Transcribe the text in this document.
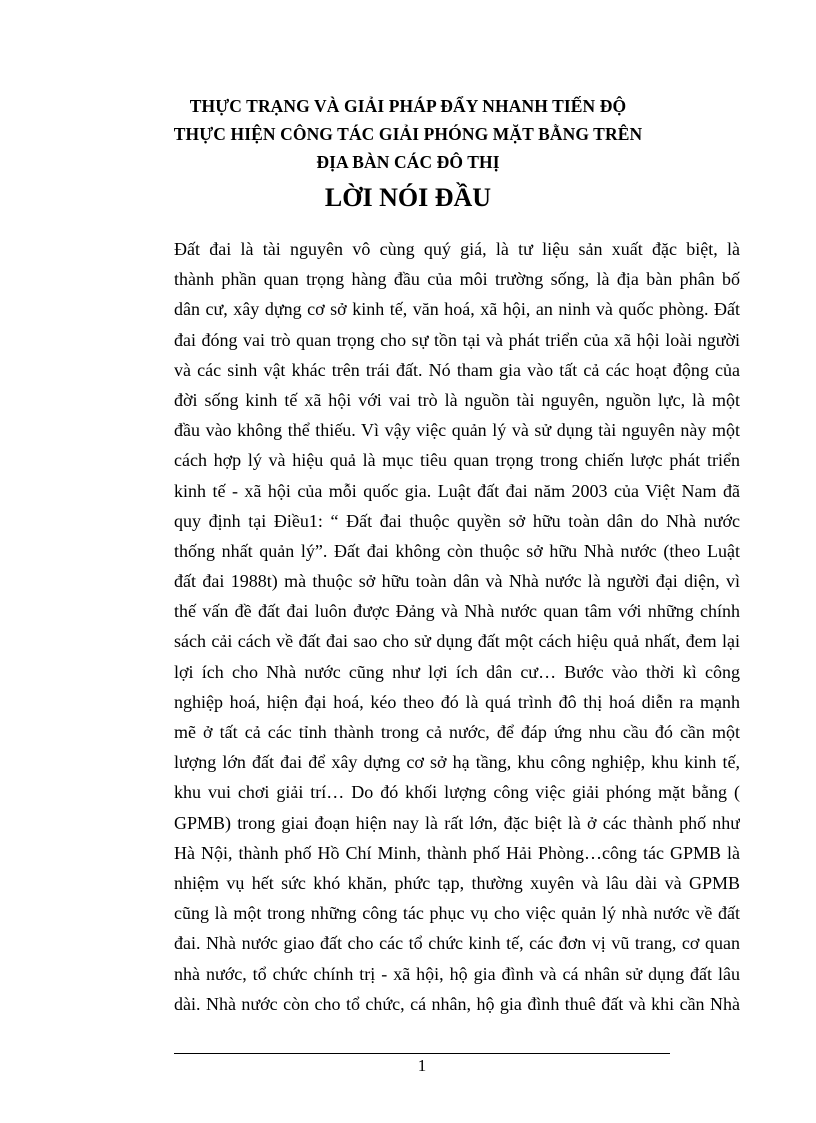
THỰC TRẠNG VÀ GIẢI PHÁP ĐẨY NHANH TIẾN ĐỘ

THỰC HIỆN CÔNG TÁC GIẢI PHÓNG MẶT BẰNG TRÊN

ĐỊA BÀN CÁC ĐÔ THỊ

LỜI NÓI ĐẦU

Đất đai là tài nguyên vô cùng quý giá, là tư liệu sản xuất đặc biệt, là
thành phần quan trọng hàng đầu của môi trường sống, là địa bàn phân bố
dân cư, xây dựng cơ sở kinh tế, văn hoá, xã hội, an ninh và quốc phòng. Đất
đai đóng vai trò quan trọng cho sự tồn tại và phát triển của xã hội loài người
và các sinh vật khác trên trái đất. Nó tham gia vào tất cả các hoạt động của
đời sống kinh tế xã hội với vai trò là nguồn tài nguyên, nguồn lực, là một
đầu vào không thể thiếu. Vì vậy việc quản lý và sử dụng tài nguyên này một
cách hợp lý và hiệu quả là mục tiêu quan trọng trong chiến lược phát triển
kinh tế - xã hội của mỗi quốc gia. Luật đất đai năm 2003 của Việt Nam đã
quy định tại Điều1: “ Đất đai thuộc quyền sở hữu toàn dân do Nhà nước
thống nhất quản lý”. Đất đai không còn thuộc sở hữu Nhà nước (theo Luật
đất đai 1988t) mà thuộc sở hữu toàn dân và Nhà nước là người đại diện, vì
thế vấn đề đất đai luôn được Đảng và Nhà nước quan tâm với những chính
sách cải cách về đất đai sao cho sử dụng đất một cách hiệu quả nhất, đem lại
lợi ích cho Nhà nước cũng như lợi ích dân cư… Bước vào thời kì công
nghiệp hoá, hiện đại hoá, kéo theo đó là quá trình đô thị hoá diễn ra mạnh
mẽ ở tất cả các tỉnh thành trong cả nước, để đáp ứng nhu cầu đó cần một
lượng lớn đất đai để xây dựng cơ sở hạ tầng, khu công nghiệp, khu kinh tế,
khu vui chơi giải trí… Do đó khối lượng công việc giải phóng mặt bằng (
GPMB) trong giai đoạn hiện nay là rất lớn, đặc biệt là ở các thành phố như
Hà Nội, thành phố Hồ Chí Minh, thành phố Hải Phòng…công tác GPMB là
nhiệm vụ hết sức khó khăn, phức tạp, thường xuyên và lâu dài và GPMB
cũng là một trong những công tác phục vụ cho việc quản lý nhà nước về đất
đai. Nhà nước giao đất cho các tổ chức kinh tế, các đơn vị vũ trang, cơ quan
nhà nước, tổ chức chính trị - xã hội, hộ gia đình và cá nhân sử dụng đất lâu
dài. Nhà nước còn cho tổ chức, cá nhân, hộ gia đình thuê đất và khi cần Nhà
1
